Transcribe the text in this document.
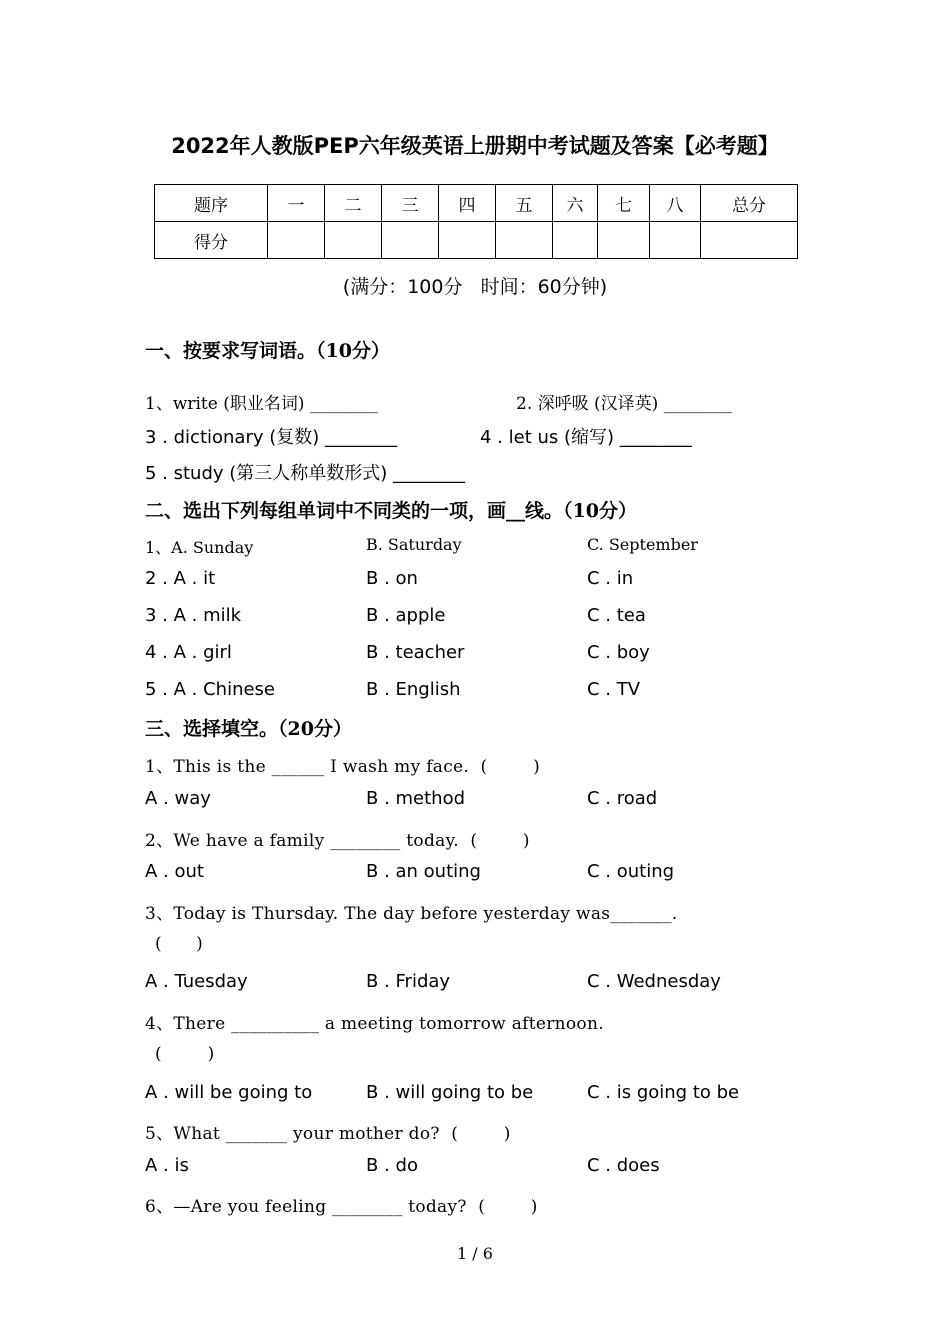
2022年人教版PEP六年级英语上册期中考试题及答案【必考题】
题序	一	二	三	四	五	六	七	八	总分
得分									
(满分：100分   时间：60分钟)
一、按要求写词语。（10分）
1、write (职业名词) ________	2. 深呼吸 (汉译英) ________
3 . dictionary (复数) ________	4 . let us (缩写) ________
5 . study (第三人称单数形式) ________
二、选出下列每组单词中不同类的一项，画__线。（10分）
1、A. Sunday	B. Saturday	C. September
2 . A . it	B . on	C . in
3 . A . milk	B . apple	C . tea
4 . A . girl	B . teacher	C . boy
5 . A . Chinese	B . English	C . TV
三、选择填空。（20分）
1、This is the ______ I wash my face.  (        )
A . way	B . method	C . road
2、We have a family ________ today.  (        )
A . out	B . an outing	C . outing
3、Today is Thursday. The day before yesterday was_______.
(      )
A . Tuesday	B . Friday	C . Wednesday
4、There __________ a meeting tomorrow afternoon.
(        )
A . will be going to	B . will going to be	C . is going to be
5、What _______ your mother do?  (        )
A . is	B . do	C . does
6、—Are you feeling ________ today?  (        )
1 / 6
